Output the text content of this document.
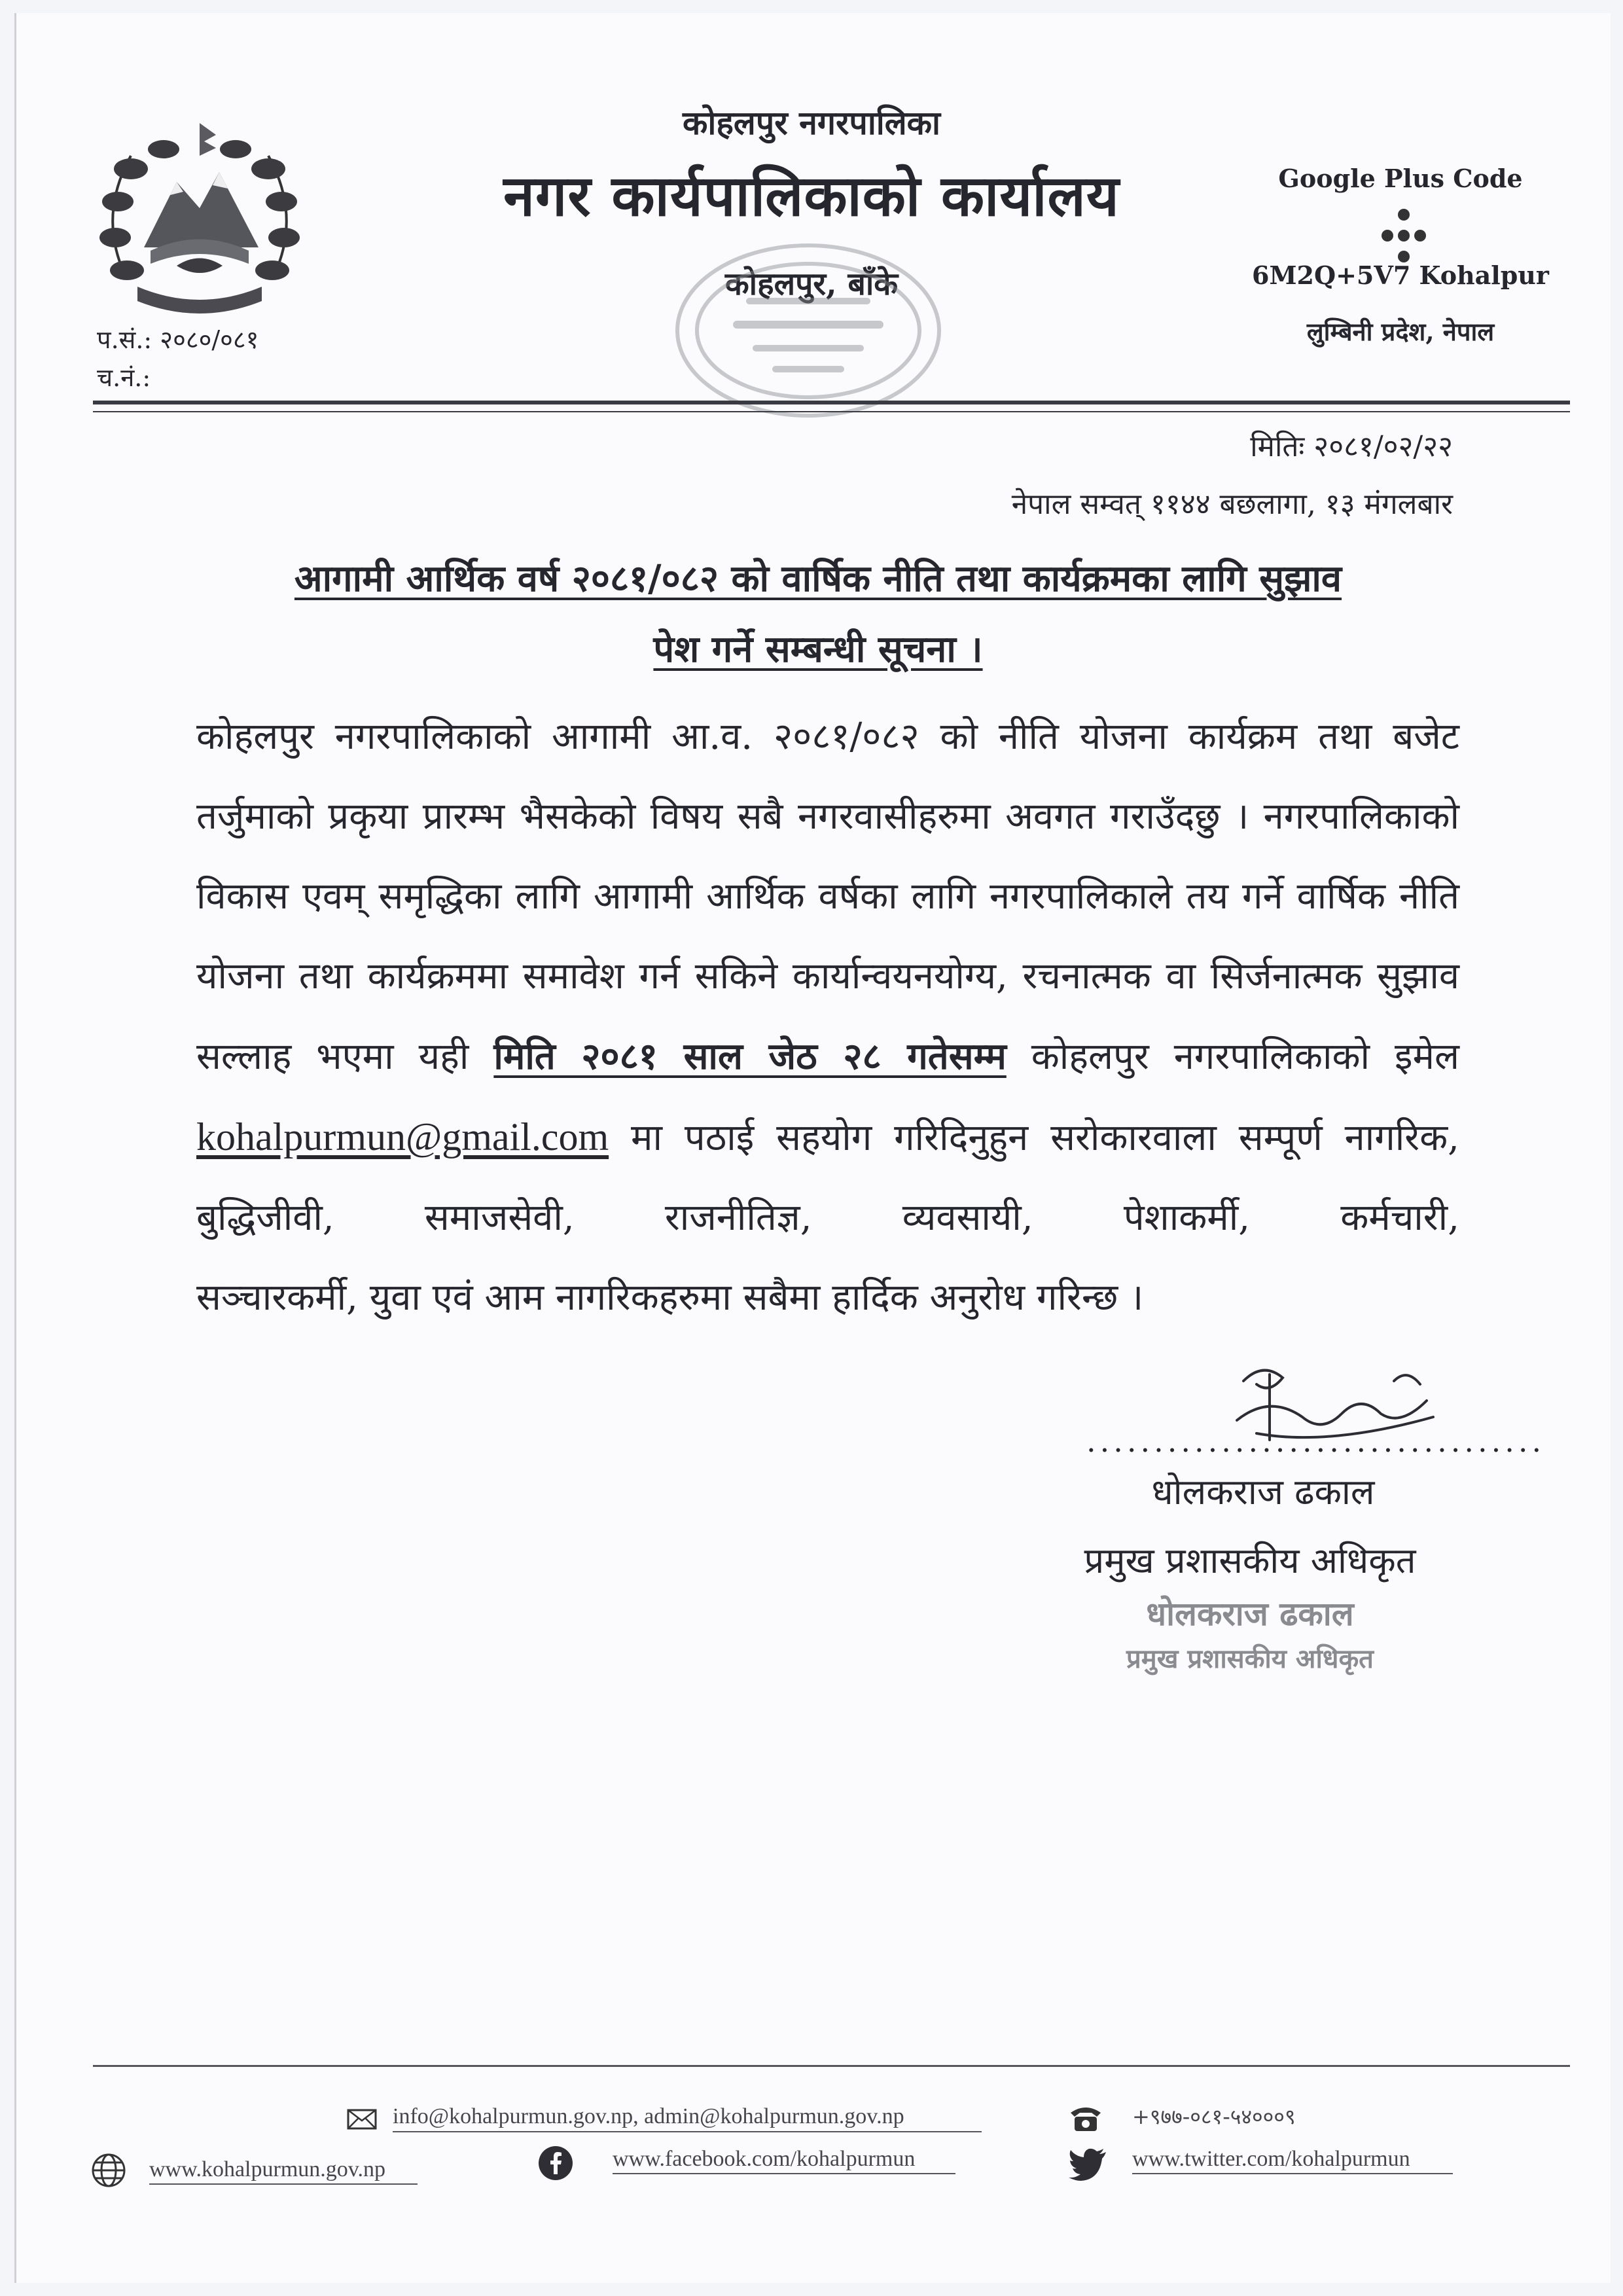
कोहलपुर नगरपालिका
नगर कार्यपालिकाको कार्यालय
कोहलपुर, बाँके
Google Plus Code
6M2Q+5V7 Kohalpur
लुम्बिनी प्रदेश, नेपाल
प.सं.: २०८०/०८१
च.नं.:
मितिः २०८१/०२/२२
नेपाल सम्वत् ११४४ बछलागा, १३ मंगलबार
आगामी आर्थिक वर्ष २०८१/०८२ को वार्षिक नीति तथा कार्यक्रमका लागि सुझाव
पेश गर्ने सम्बन्धी सूचना ।
कोहलपुर नगरपालिकाको आगामी आ.व. २०८१/०८२ को नीति योजना कार्यक्रम तथा बजेट तर्जुमाको प्रकृया प्रारम्भ भैसकेको विषय सबै नगरवासीहरुमा अवगत गराउँदछु । नगरपालिकाको विकास एवम् समृद्धिका लागि आगामी आर्थिक वर्षका लागि नगरपालिकाले तय गर्ने वार्षिक नीति योजना तथा कार्यक्रममा समावेश गर्न सकिने कार्यान्वयनयोग्य, रचनात्मक वा सिर्जनात्मक सुझाव सल्लाह भएमा यही मिति २०८१ साल जेठ २८ गतेसम्म कोहलपुर नगरपालिकाको इमेल kohalpurmun@gmail.com मा पठाई सहयोग गरिदिनुहुन सरोकारवाला सम्पूर्ण नागरिक, बुद्धिजीवी, समाजसेवी, राजनीतिज्ञ, व्यवसायी, पेशाकर्मी, कर्मचारी,
सञ्चारकर्मी, युवा एवं आम नागरिकहरुमा सबैमा हार्दिक अनुरोध गरिन्छ ।
..................................
धोलकराज ढकाल
प्रमुख प्रशासकीय अधिकृत
धोलकराज ढकाल
प्रमुख प्रशासकीय अधिकृत
info@kohalpurmun.gov.np, admin@kohalpurmun.gov.np	+९७७-०८१-५४०००९
www.kohalpurmun.gov.np	www.facebook.com/kohalpurmun	www.twitter.com/kohalpurmun
